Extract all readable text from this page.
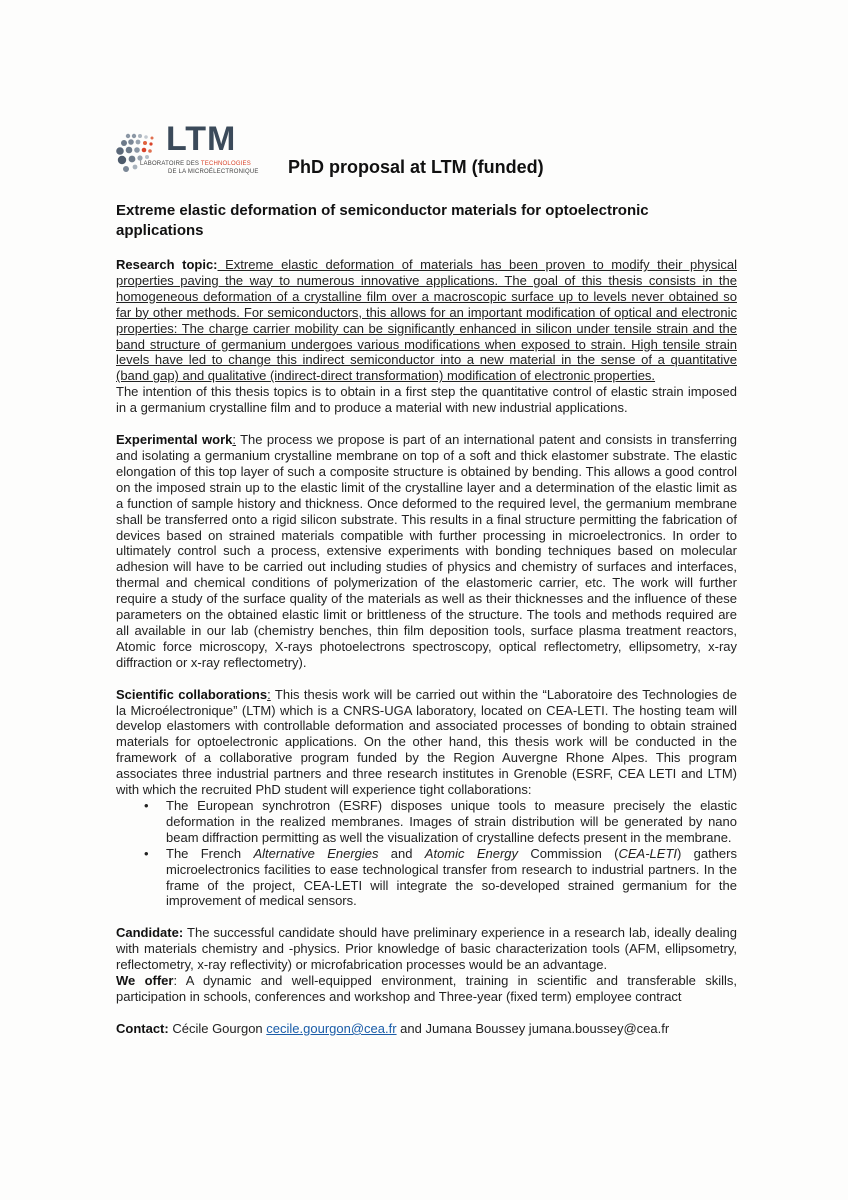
LTM
LABORATOIRE DES TECHNOLOGIES
DE LA MICROÉLECTRONIQUE PhD proposal at LTM (funded)
Extreme elastic deformation of semiconductor materials for optoelectronic applications

Research topic: Extreme elastic deformation of materials has been proven to modify their physical properties paving the way to numerous innovative applications. The goal of this thesis consists in the homogeneous deformation of a crystalline film over a macroscopic surface up to levels never obtained so far by other methods. For semiconductors, this allows for an important modification of optical and electronic properties: The charge carrier mobility can be significantly enhanced in silicon under tensile strain and the band structure of germanium undergoes various modifications when exposed to strain. High tensile strain levels have led to change this indirect semiconductor into a new material in the sense of a quantitative (band gap) and qualitative (indirect-direct transformation) modification of electronic properties.

The intention of this thesis topics is to obtain in a first step the quantitative control of elastic strain imposed in a germanium crystalline film and to produce a material with new industrial applications.

Experimental work: The process we propose is part of an international patent and consists in transferring and isolating a germanium crystalline membrane on top of a soft and thick elastomer substrate. The elastic elongation of this top layer of such a composite structure is obtained by bending. This allows a good control on the imposed strain up to the elastic limit of the crystalline layer and a determination of the elastic limit as a function of sample history and thickness. Once deformed to the required level, the germanium membrane shall be transferred onto a rigid silicon substrate. This results in a final structure permitting the fabrication of devices based on strained materials compatible with further processing in microelectronics. In order to ultimately control such a process, extensive experiments with bonding techniques based on molecular adhesion will have to be carried out including studies of physics and chemistry of surfaces and interfaces, thermal and chemical conditions of polymerization of the elastomeric carrier, etc. The work will further require a study of the surface quality of the materials as well as their thicknesses and the influence of these parameters on the obtained elastic limit or brittleness of the structure. The tools and methods required are all available in our lab (chemistry benches, thin film deposition tools, surface plasma treatment reactors, Atomic force microscopy, X-rays photoelectrons spectroscopy, optical reflectometry, ellipsometry, x-ray diffraction or x-ray reflectometry).

Scientific collaborations: This thesis work will be carried out within the “Laboratoire des Technologies de la Microélectronique” (LTM) which is a CNRS-UGA laboratory, located on CEA-LETI. The hosting team will develop elastomers with controllable deformation and associated processes of bonding to obtain strained materials for optoelectronic applications. On the other hand, this thesis work will be conducted in the framework of a collaborative program funded by the Region Auvergne Rhone Alpes. This program associates three industrial partners and three research institutes in Grenoble (ESRF, CEA LETI and LTM) with which the recruited PhD student will experience tight collaborations:

• The European synchrotron (ESRF) disposes unique tools to measure precisely the elastic deformation in the realized membranes. Images of strain distribution will be generated by nano beam diffraction permitting as well the visualization of crystalline defects present in the membrane.
• The French Alternative Energies and Atomic Energy Commission (CEA-LETI) gathers microelectronics facilities to ease technological transfer from research to industrial partners. In the frame of the project, CEA-LETI will integrate the so-developed strained germanium for the improvement of medical sensors.

Candidate: The successful candidate should have preliminary experience in a research lab, ideally dealing with materials chemistry and -physics. Prior knowledge of basic characterization tools (AFM, ellipsometry, reflectometry, x-ray reflectivity) or microfabrication processes would be an advantage.

We offer: A dynamic and well-equipped environment, training in scientific and transferable skills, participation in schools, conferences and workshop and Three-year (fixed term) employee contract

Contact: Cécile Gourgon cecile.gourgon@cea.fr and Jumana Boussey jumana.boussey@cea.fr
